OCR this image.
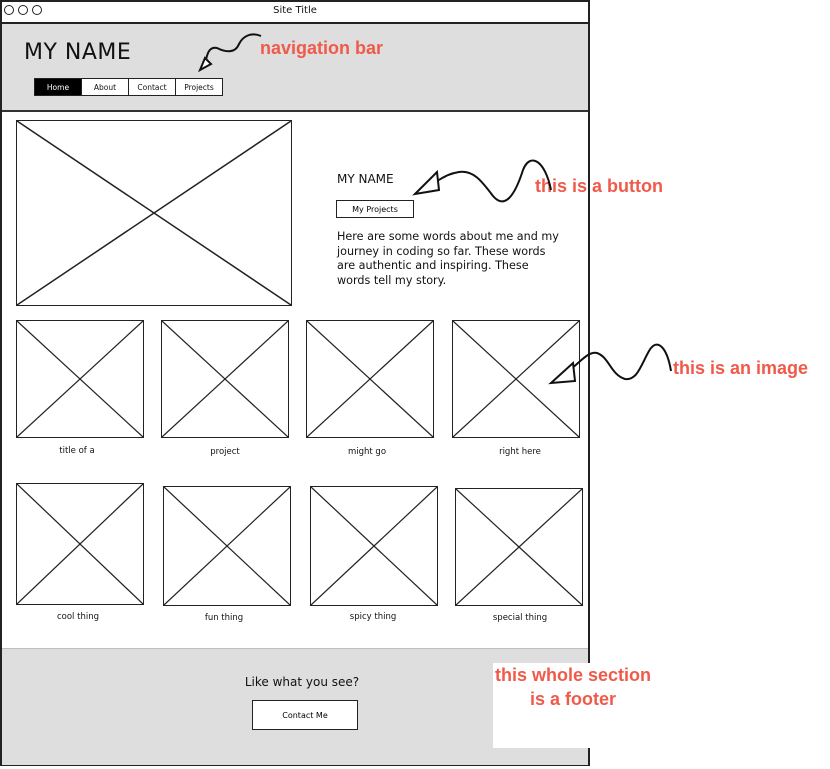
Site Title
MY NAME
Home	About	Contact	Projects
MY NAME
My Projects
Here are some words about me and my journey in coding so far. These words are authentic and inspiring. These words tell my story.
title of a	project	might go	right here
cool thing	fun thing	spicy thing	special thing
Like what you see?
Contact Me
navigation bar
this is a button
this is an image
this whole section is a footer
